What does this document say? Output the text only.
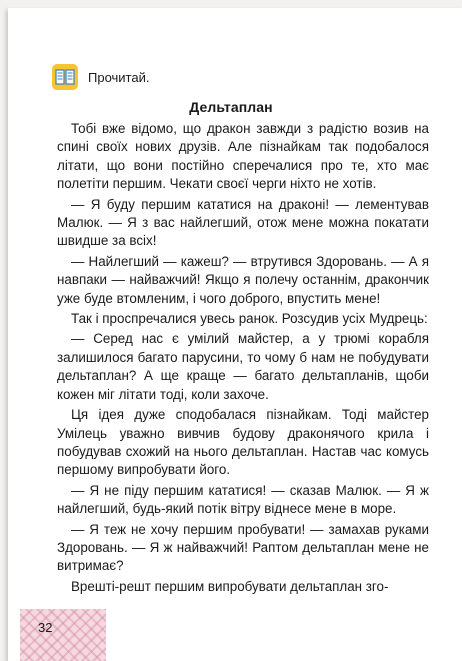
Прочитай.
Дельтаплан

Тобі вже відомо, що дракон завжди з радістю возив на спині своїх нових друзів. Але пізнайкам так подобалося літати, що вони постійно сперечалися про те, хто має полетіти першим. Чекати своєї черги ніхто не хотів.

— Я буду першим кататися на драконі! — лементував Малюк. — Я з вас найлегший, отож мене можна покатати швидше за всіх!

— Найлегший — кажеш? — втрутився Здоровань. — А я навпаки — найважчий! Якщо я полечу останнім, дракончик уже буде втомленим, і чого доброго, впустить мене!

Так і проспречалися увесь ранок. Розсудив усіх Мудрець:

— Серед нас є умілий майстер, а у трюмі корабля залишилося багато парусини, то чому б нам не побудувати дельтаплан? А ще краще — багато дельтапланів, щоби кожен міг літати тоді, коли захоче.

Ця ідея дуже сподобалася пізнайкам. Тоді майстер Умілець уважно вивчив будову драконячого крила і побудував схожий на нього дельтаплан. Настав час комусь першому випробувати його.

— Я не піду першим кататися! — сказав Малюк. — Я ж найлегший, будь-який потік вітру віднесе мене в море.

— Я теж не хочу першим пробувати! — замахав руками Здоровань. — Я ж найважчий! Раптом дельтаплан мене не витримає?

Врешті-решт першим випробувати дельтаплан зго-

32
